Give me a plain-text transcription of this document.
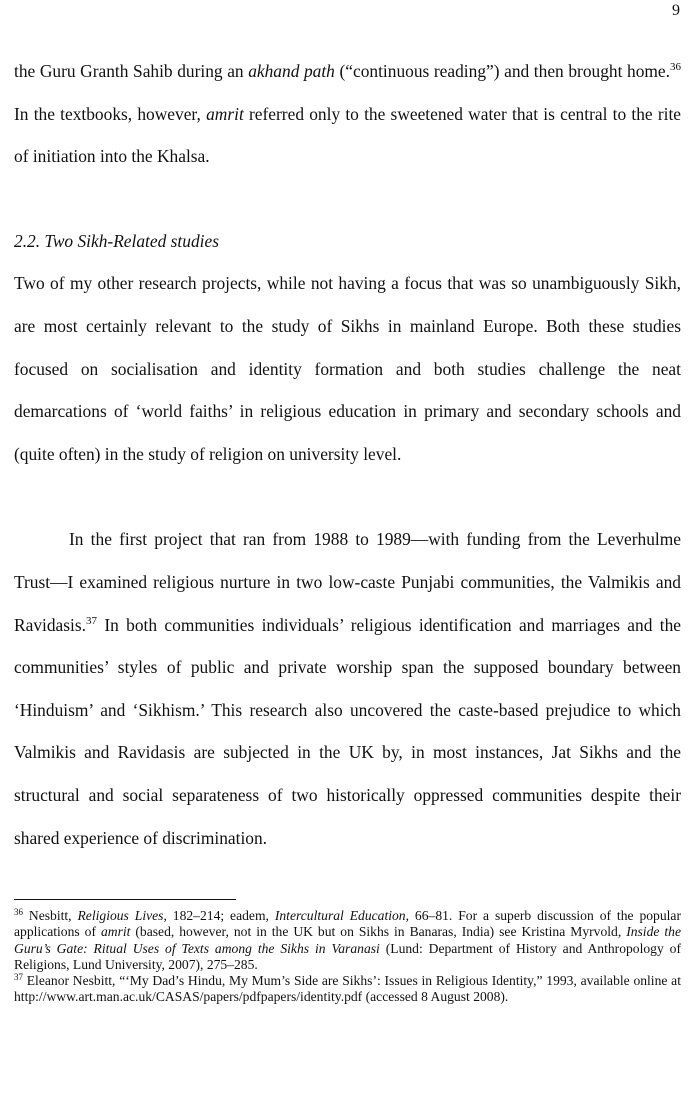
9

the Guru Granth Sahib during an akhand path (“continuous reading”) and then brought home.$^{36}$ In the textbooks, however, amrit referred only to the sweetened water that is central to the rite of initiation into the Khalsa.

2.2. Two Sikh-Related studies

Two of my other research projects, while not having a focus that was so unambiguously Sikh, are most certainly relevant to the study of Sikhs in mainland Europe. Both these studies focused on socialisation and identity formation and both studies challenge the neat demarcations of ‘world faiths’ in religious education in primary and secondary schools and (quite often) in the study of religion on university level.

In the first project that ran from 1988 to 1989—with funding from the Leverhulme Trust—I examined religious nurture in two low-caste Punjabi communities, the Valmikis and Ravidasis.$^{37}$ In both communities individuals’ religious identification and marriages and the communities’ styles of public and private worship span the supposed boundary between ‘Hinduism’ and ‘Sikhism.’ This research also uncovered the caste-based prejudice to which Valmikis and Ravidasis are subjected in the UK by, in most instances, Jat Sikhs and the structural and social separateness of two historically oppressed communities despite their shared experience of discrimination.

$^{36}$ Nesbitt, Religious Lives, 182–214; eadem, Intercultural Education, 66–81. For a superb discussion of the popular applications of amrit (based, however, not in the UK but on Sikhs in Banaras, India) see Kristina Myrvold, Inside the Guru’s Gate: Ritual Uses of Texts among the Sikhs in Varanasi (Lund: Department of History and Anthropology of Religions, Lund University, 2007), 275–285.

$^{37}$ Eleanor Nesbitt, “‘My Dad’s Hindu, My Mum’s Side are Sikhs’: Issues in Religious Identity,” 1993, available online at http://www.art.man.ac.uk/CASAS/papers/pdfpapers/identity.pdf (accessed 8 August 2008).
